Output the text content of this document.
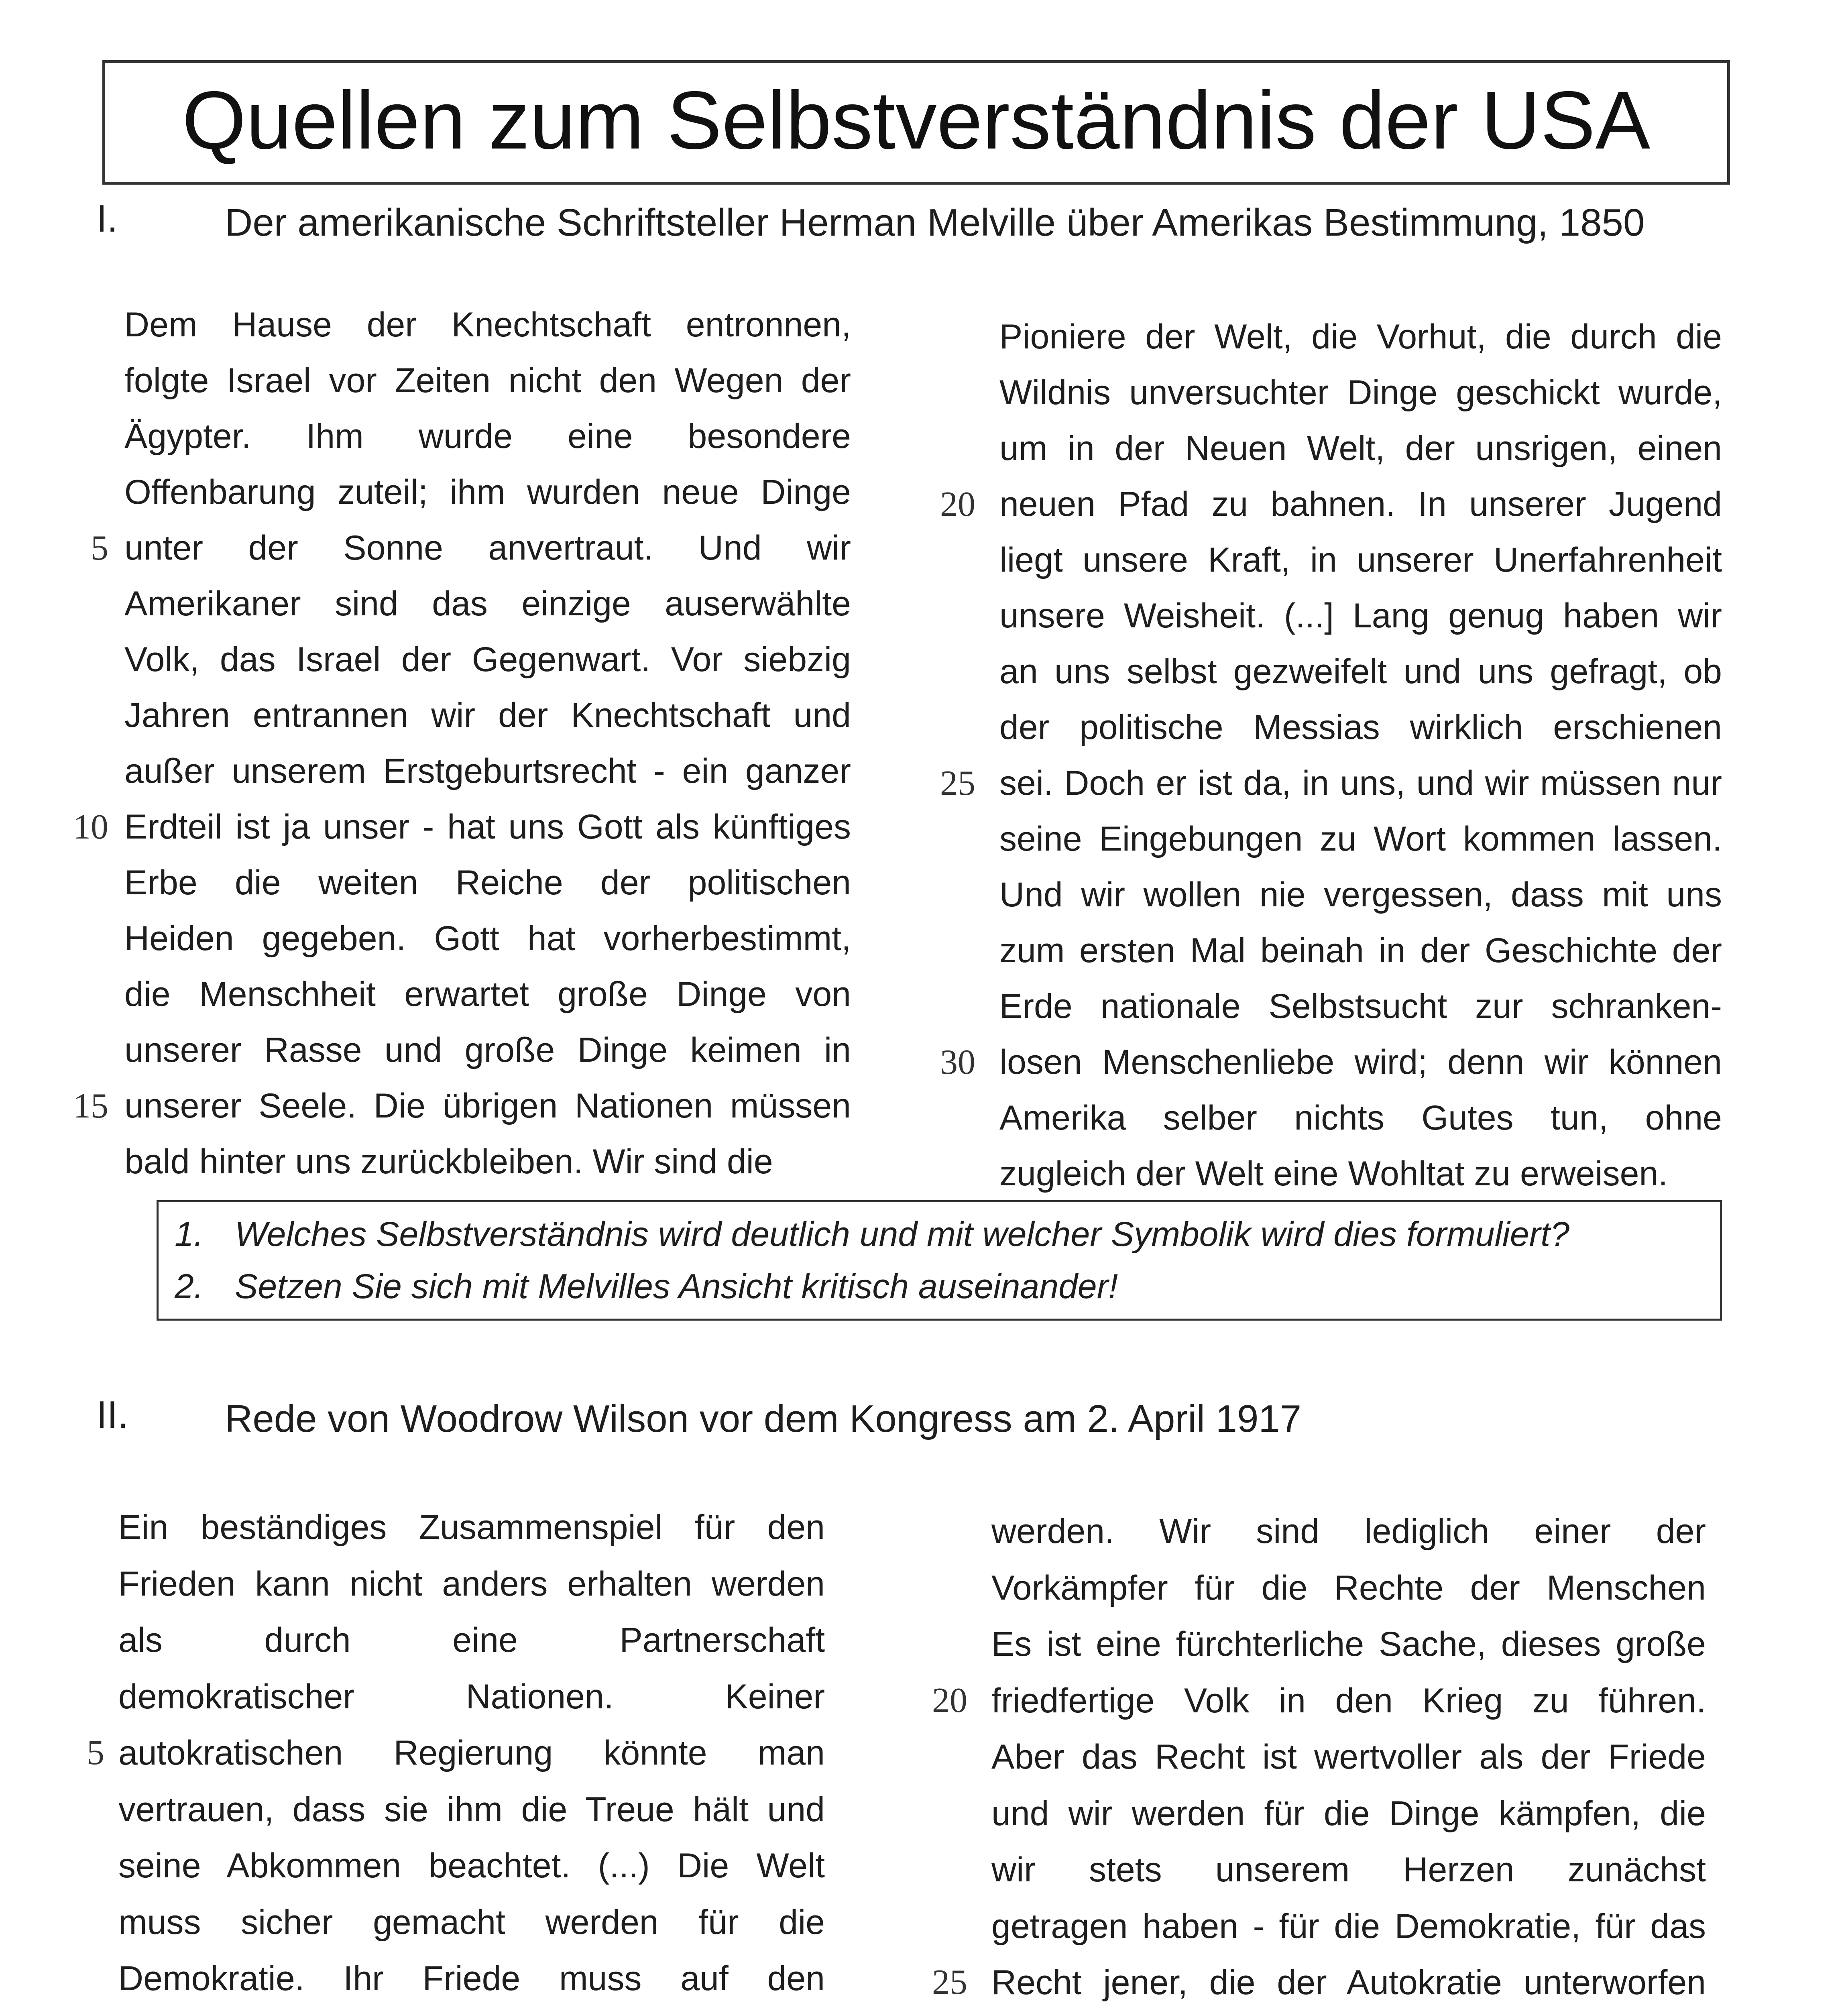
Quellen zum Selbstverständnis der USA
I.	Der amerikanische Schriftsteller Herman Melville über Amerikas Bestimmung, 1850
Dem Hause der Knechtschaft entronnen,
folgte Israel vor Zeiten nicht den Wegen der
Ägypter. Ihm wurde eine besondere
Offenbarung zuteil; ihm wurden neue Dinge
unter der Sonne anvertraut. Und wir
Amerikaner sind das einzige auserwählte
Volk, das Israel der Gegenwart. Vor siebzig
Jahren entrannen wir der Knechtschaft und
außer unserem Erstgeburtsrecht - ein ganzer
Erdteil ist ja unser - hat uns Gott als künftiges
Erbe die weiten Reiche der politischen
Heiden gegeben. Gott hat vorherbestimmt,
die Menschheit erwartet große Dinge von
unserer Rasse und große Dinge keimen in
unserer Seele. Die übrigen Nationen müssen
bald hinter uns zurückbleiben. Wir sind die
Pioniere der Welt, die Vorhut, die durch die
Wildnis unversuchter Dinge geschickt wurde,
um in der Neuen Welt, der unsrigen, einen
neuen Pfad zu bahnen. In unserer Jugend
liegt unsere Kraft, in unserer Unerfahrenheit
unsere Weisheit. (...] Lang genug haben wir
an uns selbst gezweifelt und uns gefragt, ob
der politische Messias wirklich erschienen
sei. Doch er ist da, in uns, und wir müssen nur
seine Eingebungen zu Wort kommen lassen.
Und wir wollen nie vergessen, dass mit uns
zum ersten Mal beinah in der Geschichte der
Erde nationale Selbstsucht zur schranken-
losen Menschenliebe wird; denn wir können
Amerika selber nichts Gutes tun, ohne
zugleich der Welt eine Wohltat zu erweisen.
5
10
15
20
25
30
1. Welches Selbstverständnis wird deutlich und mit welcher Symbolik wird dies formuliert?
2. Setzen Sie sich mit Melvilles Ansicht kritisch auseinander!
II. Rede von Woodrow Wilson vor dem Kongress am 2. April 1917
Ein beständiges Zusammenspiel für den
Frieden kann nicht anders erhalten werden
als durch eine Partnerschaft
demokratischer Nationen. Keiner
autokratischen Regierung könnte man
vertrauen, dass sie ihm die Treue hält und
seine Abkommen beachtet. (...) Die Welt
muss sicher gemacht werden für die
Demokratie. Ihr Friede muss auf den
werden. Wir sind lediglich einer der
Vorkämpfer für die Rechte der Menschen
Es ist eine fürchterliche Sache, dieses große
friedfertige Volk in den Krieg zu führen.
Aber das Recht ist wertvoller als der Friede
und wir werden für die Dinge kämpfen, die
wir stets unserem Herzen zunächst
getragen haben - für die Demokratie, für das
Recht jener, die der Autokratie unterworfen
5
20
25
